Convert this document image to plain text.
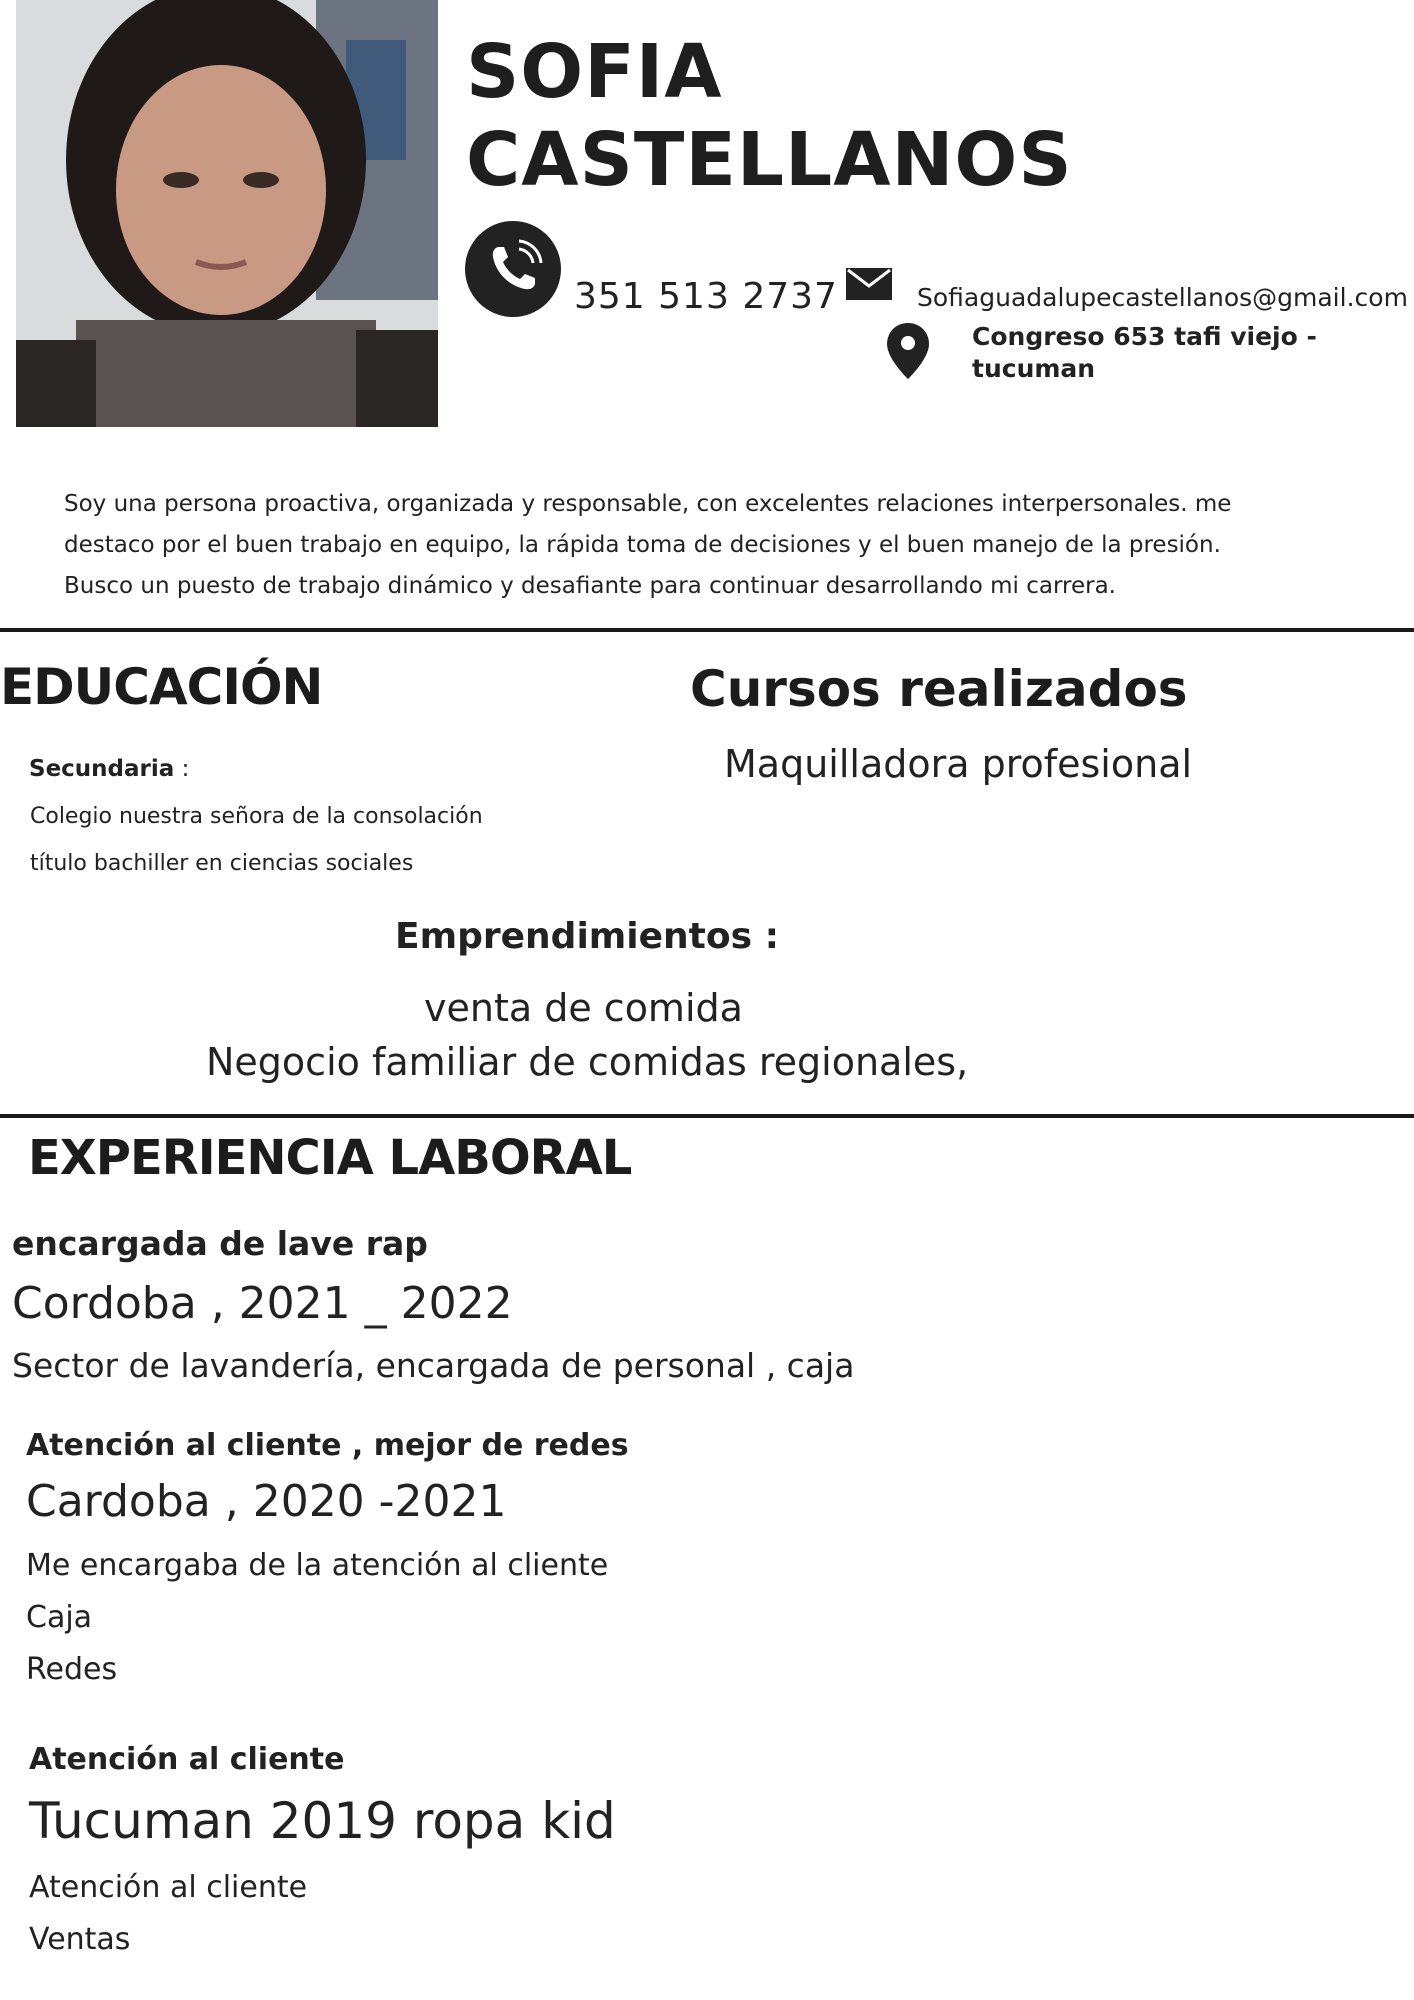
SOFIA
CASTELLANOS
351 513 2737	Sofiaguadalupecastellanos@gmail.com
Congreso 653 tafi viejo -
tucuman
Soy una persona proactiva, organizada y responsable, con excelentes relaciones interpersonales. me
destaco por el buen trabajo en equipo, la rápida toma de decisiones y el buen manejo de la presión.
Busco un puesto de trabajo dinámico y desafiante para continuar desarrollando mi carrera.
EDUCACIÓN
Secundaria :
Colegio nuestra señora de la consolación
título bachiller en ciencias sociales
Cursos realizados
Maquilladora profesional
Emprendimientos :
venta de comida
Negocio familiar de comidas regionales,
EXPERIENCIA LABORAL
encargada de lave rap
Cordoba , 2021 _ 2022
Sector de lavandería, encargada de personal , caja
Atención al cliente , mejor de redes
Cardoba , 2020 -2021
Me encargaba de la atención al cliente
Caja
Redes
Atención al cliente
Tucuman 2019 ropa kid
Atención al cliente
Ventas
